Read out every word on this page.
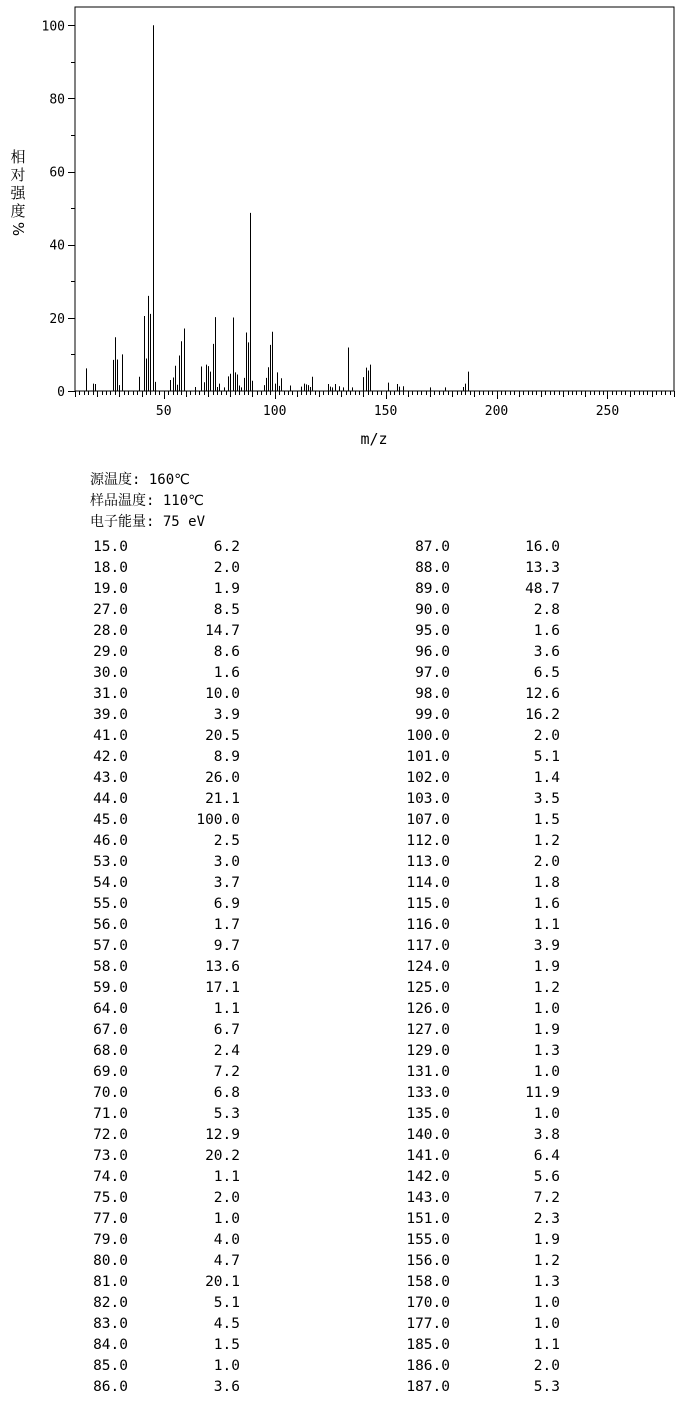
50	100	150	200	250
0
20
40
60
80
100
m/z
相
对
强
度
%
源温度: 160℃
样品温度: 110℃
电子能量: 75 eV
15.0	6.2
18.0	2.0
19.0	1.9
27.0	8.5
28.0	14.7
29.0	8.6
30.0	1.6
31.0	10.0
39.0	3.9
41.0	20.5
42.0	8.9
43.0	26.0
44.0	21.1
45.0	100.0
46.0	2.5
53.0	3.0
54.0	3.7
55.0	6.9
56.0	1.7
57.0	9.7
58.0	13.6
59.0	17.1
64.0	1.1
67.0	6.7
68.0	2.4
69.0	7.2
70.0	6.8
71.0	5.3
72.0	12.9
73.0	20.2
74.0	1.1
75.0	2.0
77.0	1.0
79.0	4.0
80.0	4.7
81.0	20.1
82.0	5.1
83.0	4.5
84.0	1.5
85.0	1.0
86.0	3.6
87.0	16.0
88.0	13.3
89.0	48.7
90.0	2.8
95.0	1.6
96.0	3.6
97.0	6.5
98.0	12.6
99.0	16.2
100.0	2.0
101.0	5.1
102.0	1.4
103.0	3.5
107.0	1.5
112.0	1.2
113.0	2.0
114.0	1.8
115.0	1.6
116.0	1.1
117.0	3.9
124.0	1.9
125.0	1.2
126.0	1.0
127.0	1.9
129.0	1.3
131.0	1.0
133.0	11.9
135.0	1.0
140.0	3.8
141.0	6.4
142.0	5.6
143.0	7.2
151.0	2.3
155.0	1.9
156.0	1.2
158.0	1.3
170.0	1.0
177.0	1.0
185.0	1.1
186.0	2.0
187.0	5.3
